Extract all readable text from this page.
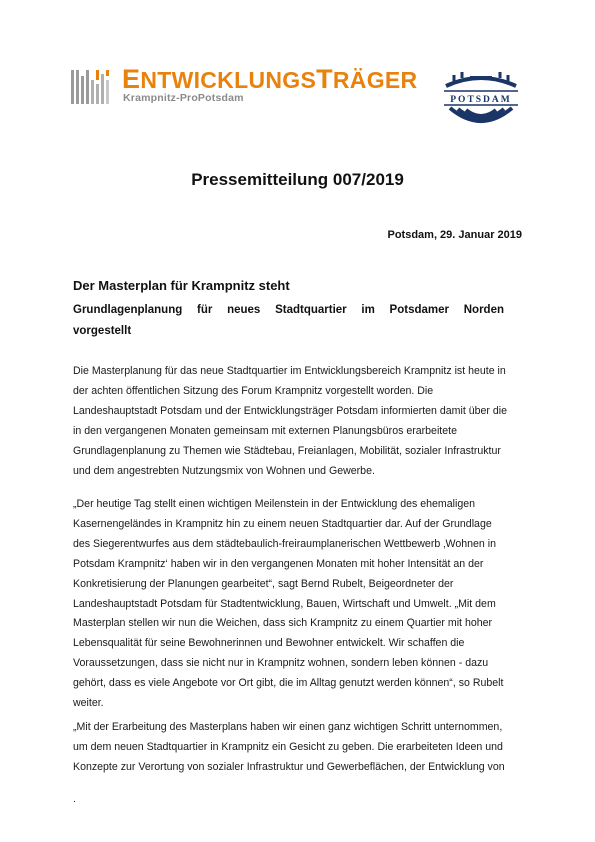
ENTWICKLUNGSTRÄGER
Krampnitz-ProPotsdam	POTSDAM
Pressemitteilung 007/2019
Potsdam, 29. Januar 2019
Der Masterplan für Krampnitz steht
Grundlagenplanung für neues Stadtquartier im Potsdamer Norden
vorgestellt
Die Masterplanung für das neue Stadtquartier im Entwicklungsbereich Krampnitz ist heute in
der achten öffentlichen Sitzung des Forum Krampnitz vorgestellt worden. Die
Landeshauptstadt Potsdam und der Entwicklungsträger Potsdam informierten damit über die
in den vergangenen Monaten gemeinsam mit externen Planungsbüros erarbeitete
Grundlagenplanung zu Themen wie Städtebau, Freianlagen, Mobilität, sozialer Infrastruktur
und dem angestrebten Nutzungsmix von Wohnen und Gewerbe.
„Der heutige Tag stellt einen wichtigen Meilenstein in der Entwicklung des ehemaligen
Kasernengeländes in Krampnitz hin zu einem neuen Stadtquartier dar. Auf der Grundlage
des Siegerentwurfes aus dem städtebaulich-freiraumplanerischen Wettbewerb ‚Wohnen in
Potsdam Krampnitz‘ haben wir in den vergangenen Monaten mit hoher Intensität an der
Konkretisierung der Planungen gearbeitet“, sagt Bernd Rubelt, Beigeordneter der
Landeshauptstadt Potsdam für Stadtentwicklung, Bauen, Wirtschaft und Umwelt. „Mit dem
Masterplan stellen wir nun die Weichen, dass sich Krampnitz zu einem Quartier mit hoher
Lebensqualität für seine Bewohnerinnen und Bewohner entwickelt. Wir schaffen die
Voraussetzungen, dass sie nicht nur in Krampnitz wohnen, sondern leben können - dazu
gehört, dass es viele Angebote vor Ort gibt, die im Alltag genutzt werden können“, so Rubelt
weiter.
„Mit der Erarbeitung des Masterplans haben wir einen ganz wichtigen Schritt unternommen,
um dem neuen Stadtquartier in Krampnitz ein Gesicht zu geben. Die erarbeiteten Ideen und
Konzepte zur Verortung von sozialer Infrastruktur und Gewerbeflächen, der Entwicklung von
.
